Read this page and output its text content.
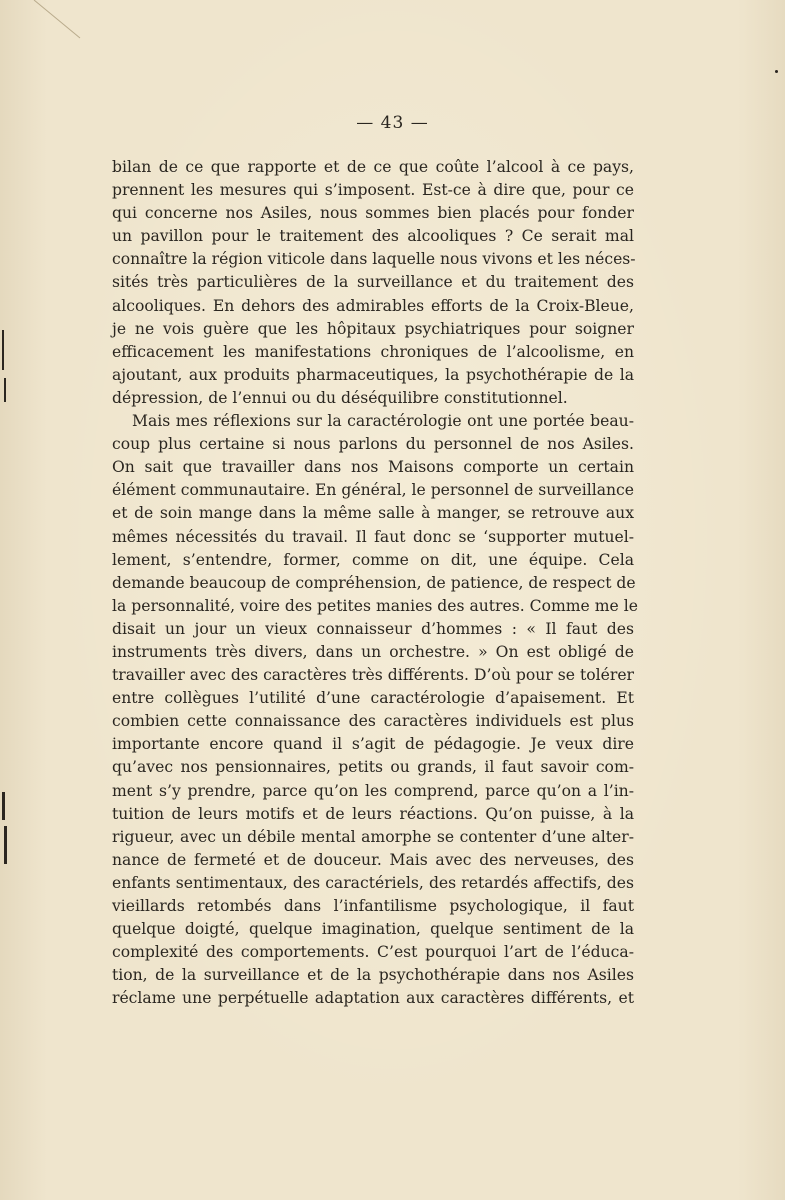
— 43 —
bilan de ce que rapporte et de ce que coûte l’alcool à ce pays,
prennent les mesures qui s’imposent. Est-ce à dire que, pour ce
qui concerne nos Asiles, nous sommes bien placés pour fonder
un pavillon pour le traitement des alcooliques ? Ce serait mal
connaître la région viticole dans laquelle nous vivons et les néces-
sités très particulières de la surveillance et du traitement des
alcooliques. En dehors des admirables efforts de la Croix-Bleue,
je ne vois guère que les hôpitaux psychiatriques pour soigner
efficacement les manifestations chroniques de l’alcoolisme, en
ajoutant, aux produits pharmaceutiques, la psychothérapie de la
dépression, de l’ennui ou du déséquilibre constitutionnel.
Mais mes réflexions sur la caractérologie ont une portée beau-
coup plus certaine si nous parlons du personnel de nos Asiles.
On sait que travailler dans nos Maisons comporte un certain
élément communautaire. En général, le personnel de surveillance
et de soin mange dans la même salle à manger, se retrouve aux
mêmes nécessités du travail. Il faut donc se ‘supporter mutuel-
lement, s’entendre, former, comme on dit, une équipe. Cela
demande beaucoup de compréhension, de patience, de respect de
la personnalité, voire des petites manies des autres. Comme me le
disait un jour un vieux connaisseur d’hommes : « Il faut des
instruments très divers, dans un orchestre. » On est obligé de
travailler avec des caractères très différents. D’où pour se tolérer
entre collègues l’utilité d’une caractérologie d’apaisement. Et
combien cette connaissance des caractères individuels est plus
importante encore quand il s’agit de pédagogie. Je veux dire
qu’avec nos pensionnaires, petits ou grands, il faut savoir com-
ment s’y prendre, parce qu’on les comprend, parce qu’on a l’in-
tuition de leurs motifs et de leurs réactions. Qu’on puisse, à la
rigueur, avec un débile mental amorphe se contenter d’une alter-
nance de fermeté et de douceur. Mais avec des nerveuses, des
enfants sentimentaux, des caractériels, des retardés affectifs, des
vieillards retombés dans l’infantilisme psychologique, il faut
quelque doigté, quelque imagination, quelque sentiment de la
complexité des comportements. C’est pourquoi l’art de l’éduca-
tion, de la surveillance et de la psychothérapie dans nos Asiles
réclame une perpétuelle adaptation aux caractères différents, et
